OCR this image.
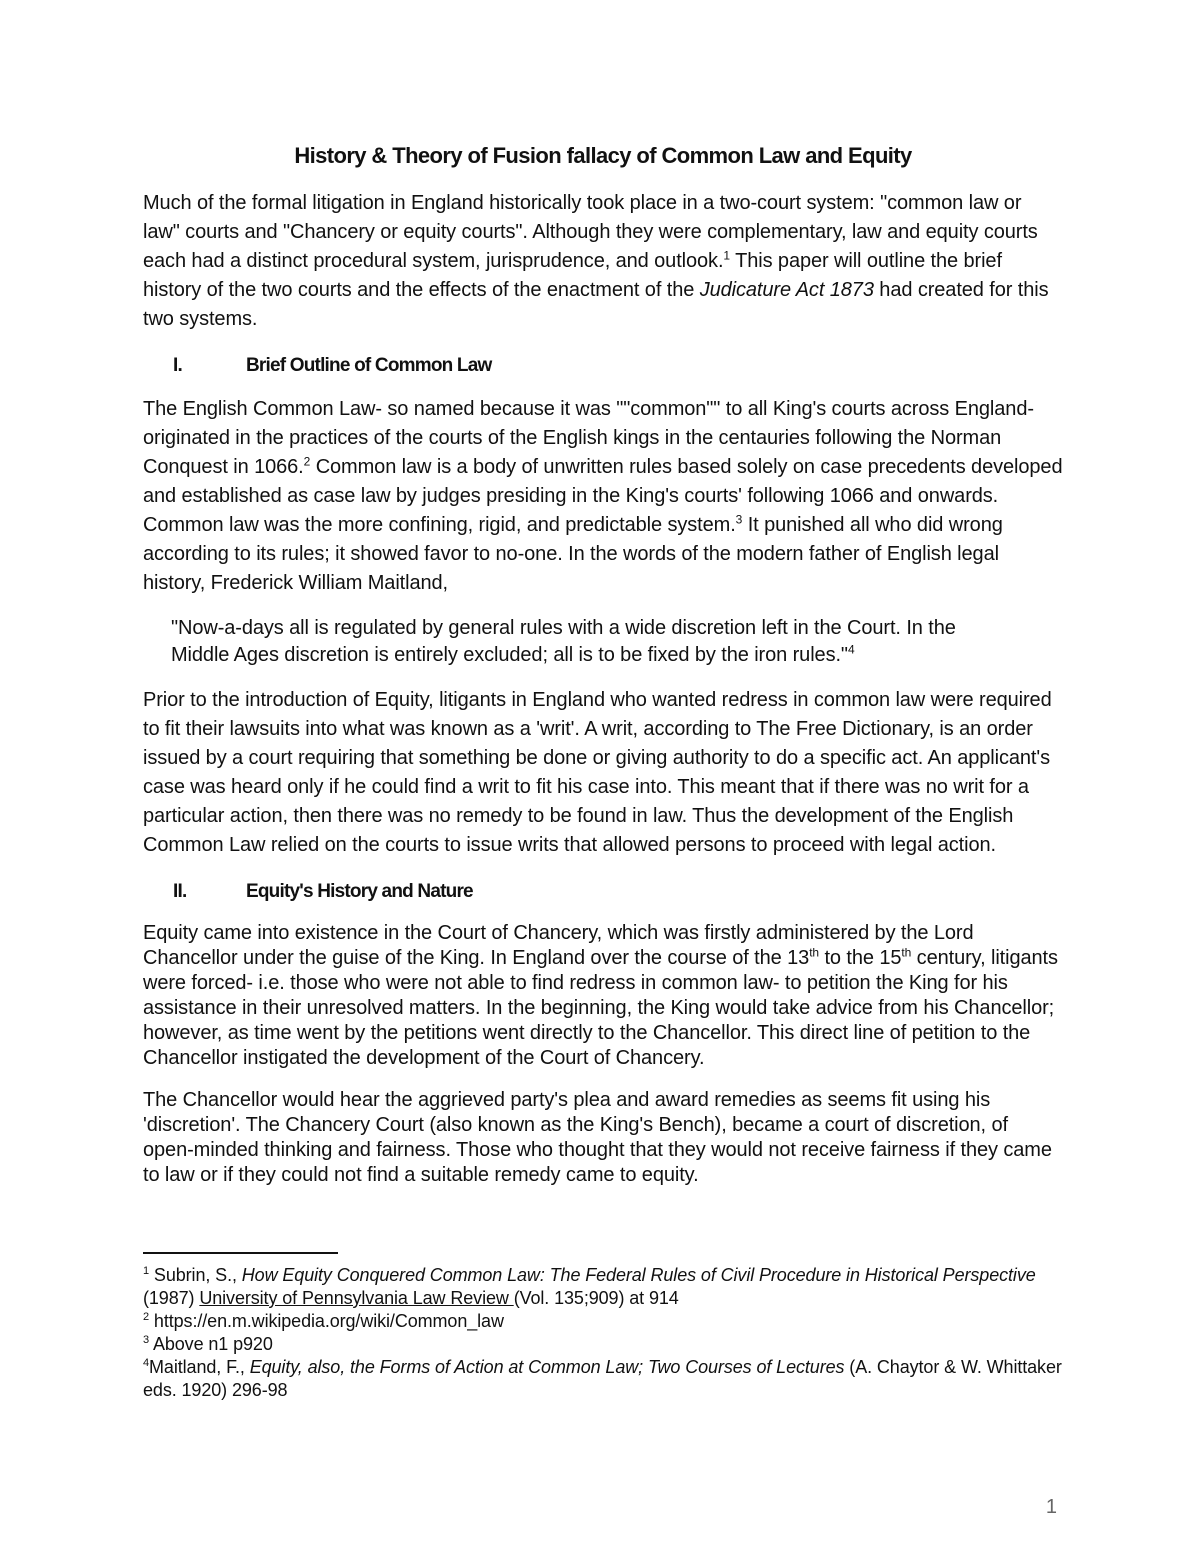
History & Theory of Fusion fallacy of Common Law and Equity

Much of the formal litigation in England historically took place in a two-court system: "common law or law" courts and "Chancery or equity courts". Although they were complementary, law and equity courts each had a distinct procedural system, jurisprudence, and outlook.$^1$ This paper will outline the brief history of the two courts and the effects of the enactment of the Judicature Act 1873 had created for this two systems.

I.	Brief Outline of Common Law

The English Common Law- so named because it was ""common"" to all King's courts across England- originated in the practices of the courts of the English kings in the centauries following the Norman Conquest in 1066.$^2$ Common law is a body of unwritten rules based solely on case precedents developed and established as case law by judges presiding in the King's courts' following 1066 and onwards. Common law was the more confining, rigid, and predictable system.$^3$ It punished all who did wrong according to its rules; it showed favor to no-one. In the words of the modern father of English legal history, Frederick William Maitland,

"Now-a-days all is regulated by general rules with a wide discretion left in the Court. In the Middle Ages discretion is entirely excluded; all is to be fixed by the iron rules."$^4$

Prior to the introduction of Equity, litigants in England who wanted redress in common law were required to fit their lawsuits into what was known as a 'writ'. A writ, according to The Free Dictionary, is an order issued by a court requiring that something be done or giving authority to do a specific act. An applicant's case was heard only if he could find a writ to fit his case into. This meant that if there was no writ for a particular action, then there was no remedy to be found in law. Thus the development of the English Common Law relied on the courts to issue writs that allowed persons to proceed with legal action.

II.	Equity's History and Nature

Equity came into existence in the Court of Chancery, which was firstly administered by the Lord Chancellor under the guise of the King. In England over the course of the 13th to the 15th century, litigants were forced- i.e. those who were not able to find redress in common law- to petition the King for his assistance in their unresolved matters. In the beginning, the King would take advice from his Chancellor; however, as time went by the petitions went directly to the Chancellor. This direct line of petition to the Chancellor instigated the development of the Court of Chancery.

The Chancellor would hear the aggrieved party's plea and award remedies as seems fit using his 'discretion'. The Chancery Court (also known as the King's Bench), became a court of discretion, of open-minded thinking and fairness. Those who thought that they would not receive fairness if they came to law or if they could not find a suitable remedy came to equity.

$^1$ Subrin, S., How Equity Conquered Common Law: The Federal Rules of Civil Procedure in Historical Perspective (1987) University of Pennsylvania Law Review (Vol. 135;909) at 914

$^2$ https://en.m.wikipedia.org/wiki/Common_law

$^3$ Above n1 p920

$^4$Maitland, F., Equity, also, the Forms of Action at Common Law; Two Courses of Lectures (A. Chaytor & W. Whittaker eds. 1920) 296-98

1
